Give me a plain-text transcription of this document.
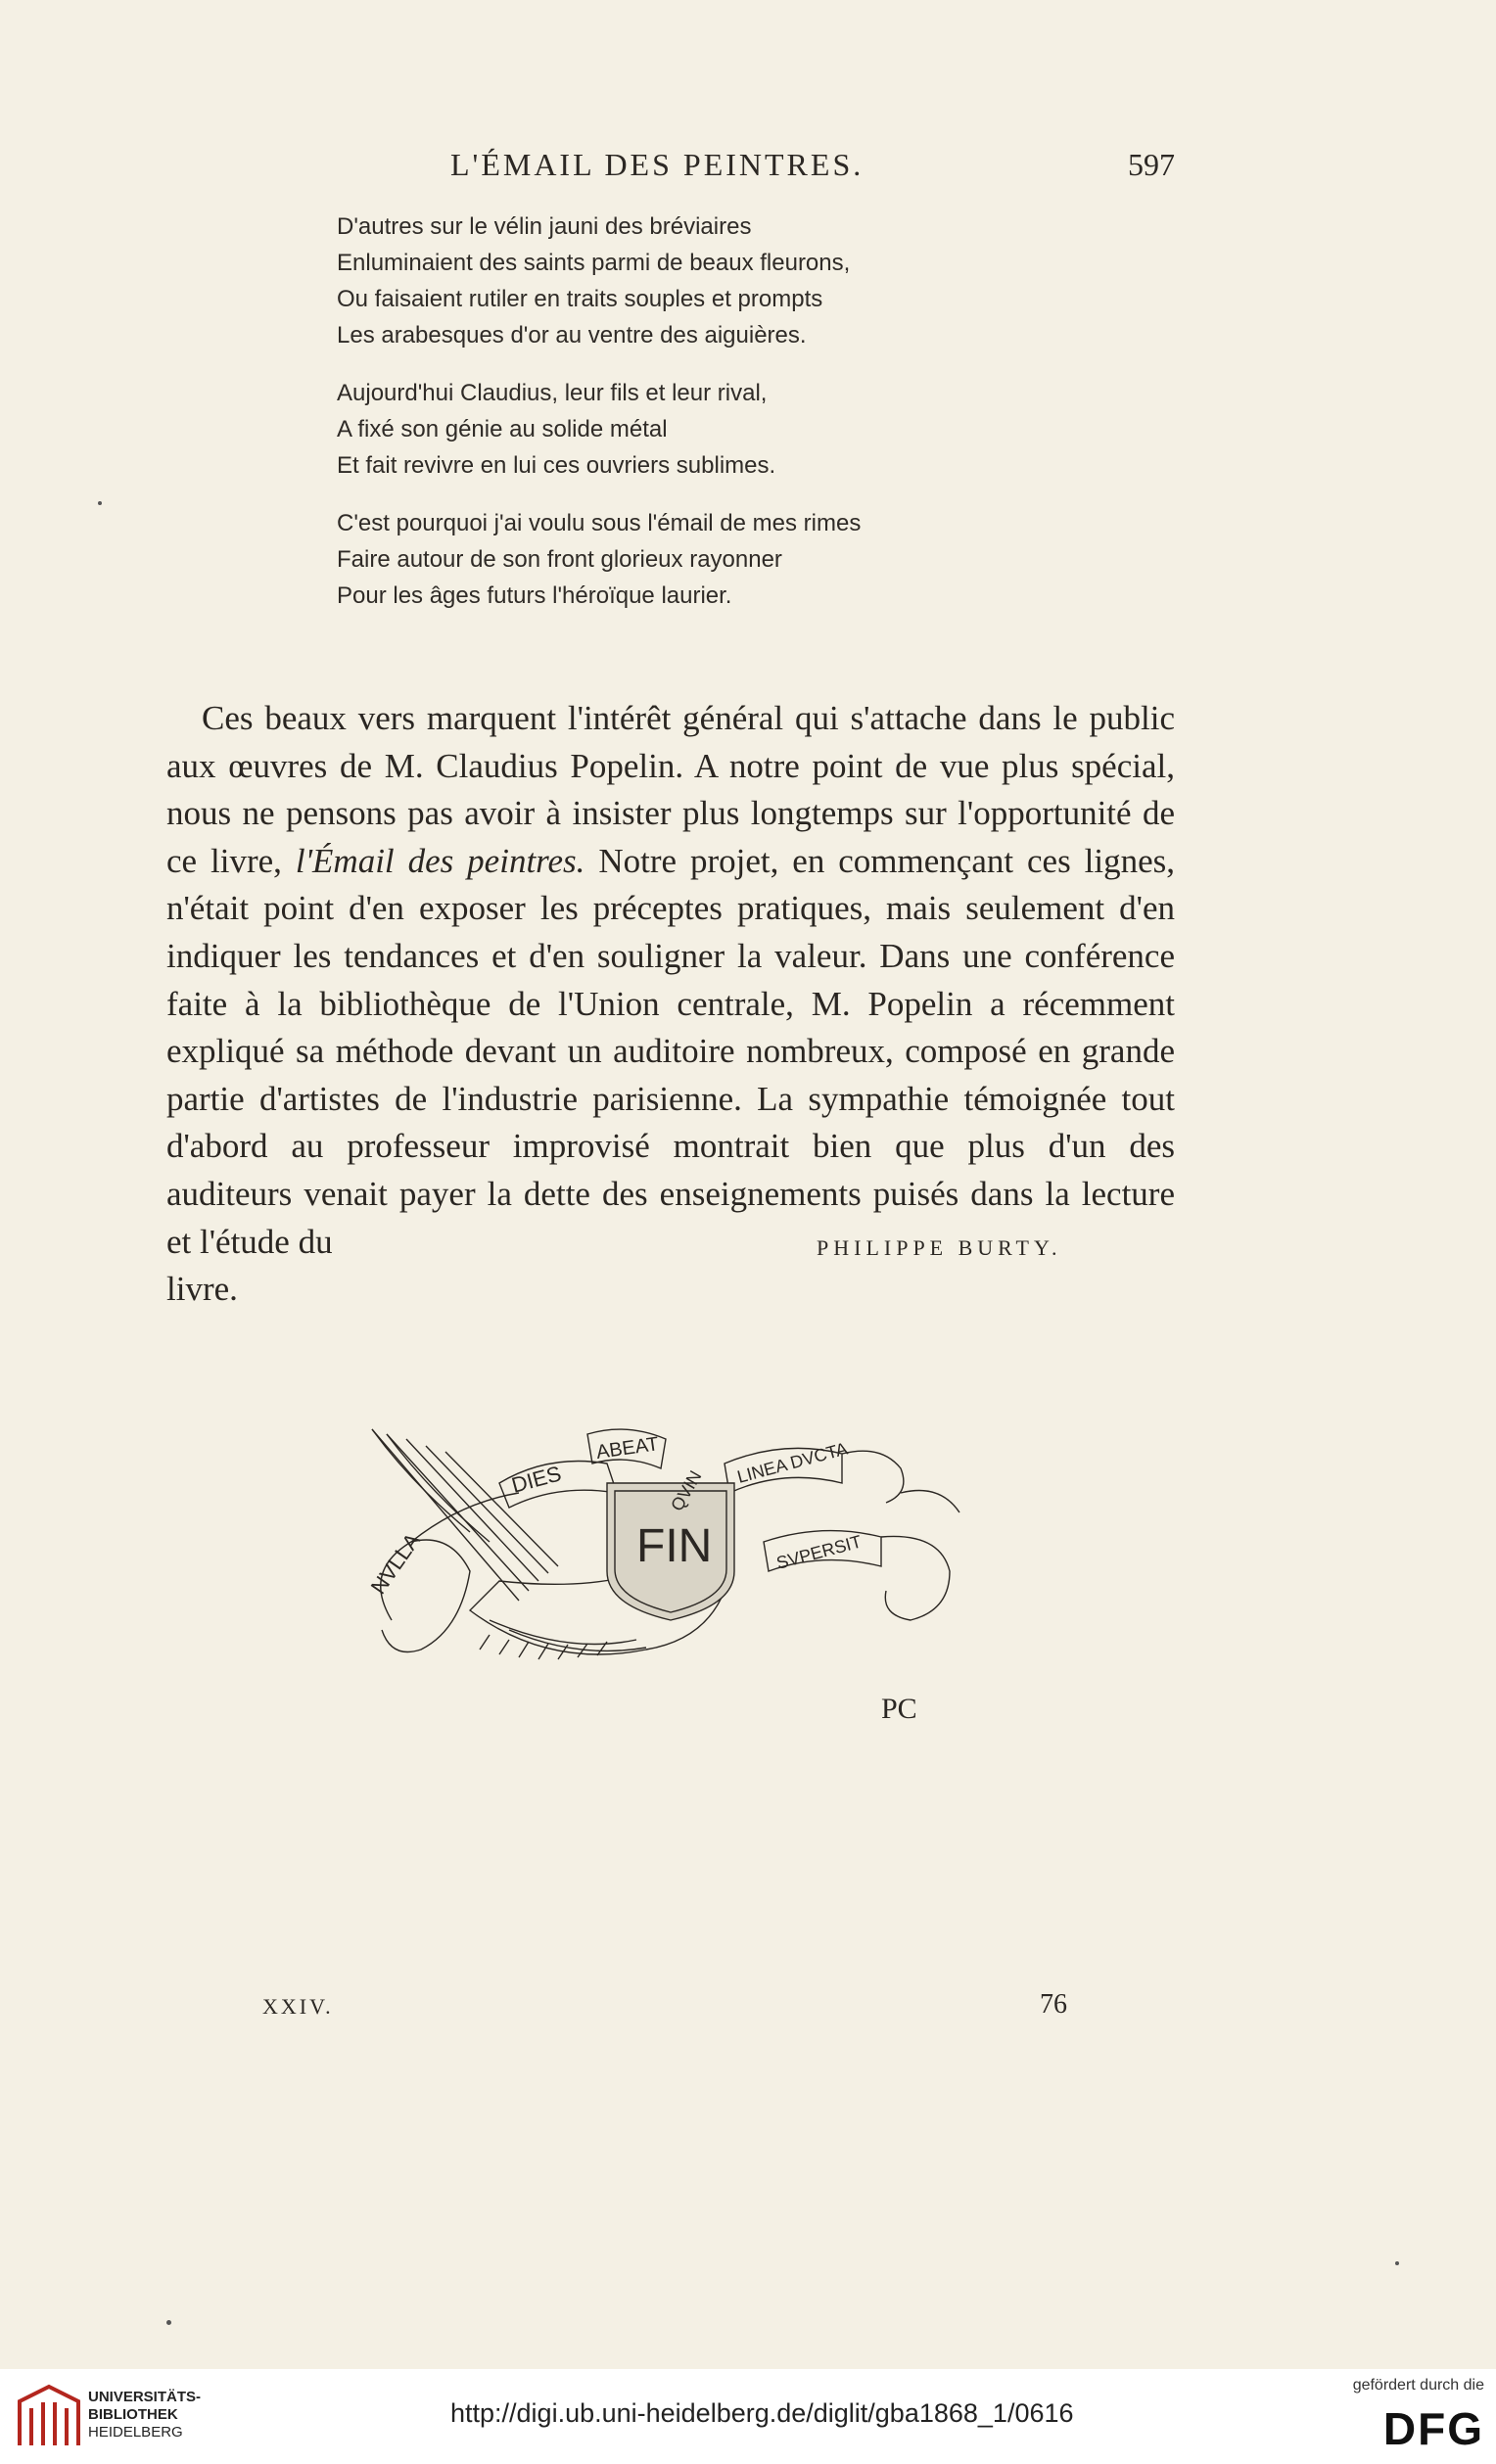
L'ÉMAIL DES PEINTRES.	597
D'autres sur le vélin jauni des bréviaires
Enluminaient des saints parmi de beaux fleurons,
Ou faisaient rutiler en traits souples et prompts
Les arabesques d'or au ventre des aiguières.
Aujourd'hui Claudius, leur fils et leur rival,
A fixé son génie au solide métal
Et fait revivre en lui ces ouvriers sublimes.
C'est pourquoi j'ai voulu sous l'émail de mes rimes
Faire autour de son front glorieux rayonner
Pour les âges futurs l'héroïque laurier.

Ces beaux vers marquent l'intérêt général qui s'attache dans le public aux œuvres de M. Claudius Popelin. A notre point de vue plus spécial, nous ne pensons pas avoir à insister plus longtemps sur l'opportunité de ce livre, l'Émail des peintres. Notre projet, en commençant ces lignes, n'était point d'en exposer les préceptes pratiques, mais seulement d'en indiquer les tendances et d'en souligner la valeur. Dans une conférence faite à la bibliothèque de l'Union centrale, M. Popelin a récemment expliqué sa méthode devant un auditoire nombreux, composé en grande partie d'artistes de l'industrie parisienne. La sympathie témoignée tout d'abord au professeur improvisé montrait bien que plus d'un des auditeurs venait payer la dette des enseignements puisés dans la lecture et l'étude du

livre.

PHILIPPE BURTY.
NVLLA
DIES
ABEAT
QVIN
LINEA DVCTA
SVPERSIT
FIN
PC
XXIV.	76
UNIVERSITÄTS-
BIBLIOTHEK
HEIDELBERG
http://digi.ub.uni-heidelberg.de/diglit/gba1868_1/0616
gefördert durch die
DFG
